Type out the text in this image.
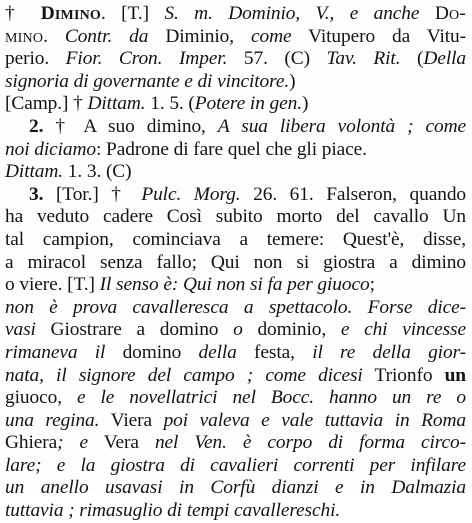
† Dimino. [T.] S. m. Dominio, V., e anche Do-
mino. Contr. da Diminio, come Vitupero da Vitu-
perio. Fior. Cron. Imper. 57. (C) Tav. Rit. (Della
signoria di governante e di vincitore.)
[Camp.] † Dittam. 1. 5. (Potere in gen.)
2. † A suo dimino, A sua libera volontà ; come
noi diciamo: Padrone di fare quel che gli piace.
Dittam. 1. 3. (C)
3. [Tor.] † Pulc. Morg. 26. 61. Falseron, quando
ha veduto cadere Così subito morto del cavallo Un
tal campion, cominciava a temere: Quest'è, disse,
a miracol senza fallo; Qui non si giostra a dimino
o viere. [T.] Il senso è: Qui non si fa per giuoco;
non è prova cavalleresca a spettacolo. Forse dice-
vasi Giostrare a domino o dominio, e chi vincesse
rimaneva il domino della festa, il re della gior-
nata, il signore del campo ; come dicesi Trionfo un
giuoco, e le novellatrici nel Bocc. hanno un re o
una regina. Viera poi valeva e vale tuttavia in Roma
Ghiera; e Vera nel Ven. è corpo di forma circo-
lare; e la giostra di cavalieri correnti per infilare
un anello usavasi in Corfù dianzi e in Dalmazia
tuttavia ; rimasuglio di tempi cavallereschi.
